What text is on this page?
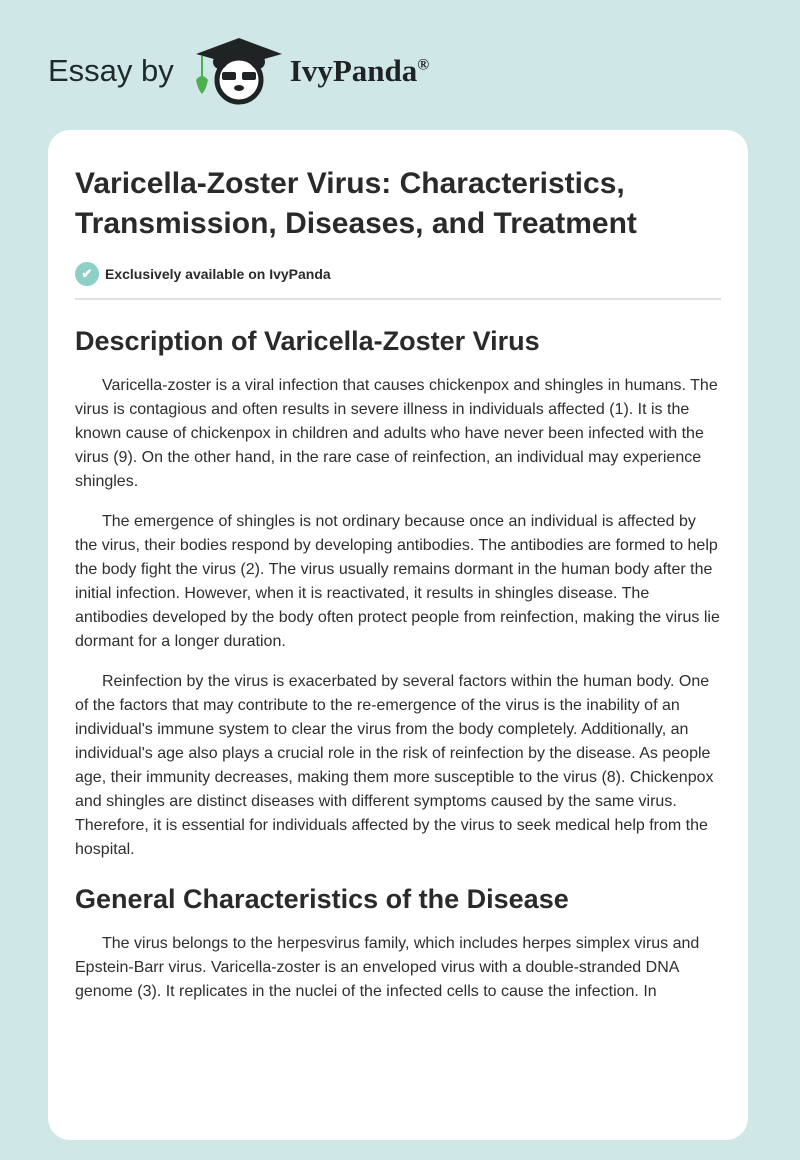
Essay by	IvyPanda®
Varicella-Zoster Virus: Characteristics, Transmission, Diseases, and Treatment
✔ Exclusively available on IvyPanda
Description of Varicella-Zoster Virus

Varicella-zoster is a viral infection that causes chickenpox and shingles in humans. The virus is contagious and often results in severe illness in individuals affected (1). It is the known cause of chickenpox in children and adults who have never been infected with the virus (9). On the other hand, in the rare case of reinfection, an individual may experience shingles.

The emergence of shingles is not ordinary because once an individual is affected by the virus, their bodies respond by developing antibodies. The antibodies are formed to help the body fight the virus (2). The virus usually remains dormant in the human body after the initial infection. However, when it is reactivated, it results in shingles disease. The antibodies developed by the body often protect people from reinfection, making the virus lie dormant for a longer duration.

Reinfection by the virus is exacerbated by several factors within the human body. One of the factors that may contribute to the re-emergence of the virus is the inability of an individual's immune system to clear the virus from the body completely. Additionally, an individual's age also plays a crucial role in the risk of reinfection by the disease. As people age, their immunity decreases, making them more susceptible to the virus (8). Chickenpox and shingles are distinct diseases with different symptoms caused by the same virus. Therefore, it is essential for individuals affected by the virus to seek medical help from the hospital.

General Characteristics of the Disease

The virus belongs to the herpesvirus family, which includes herpes simplex virus and Epstein-Barr virus. Varicella-zoster is an enveloped virus with a double-stranded DNA genome (3). It replicates in the nuclei of the infected cells to cause the infection. In
